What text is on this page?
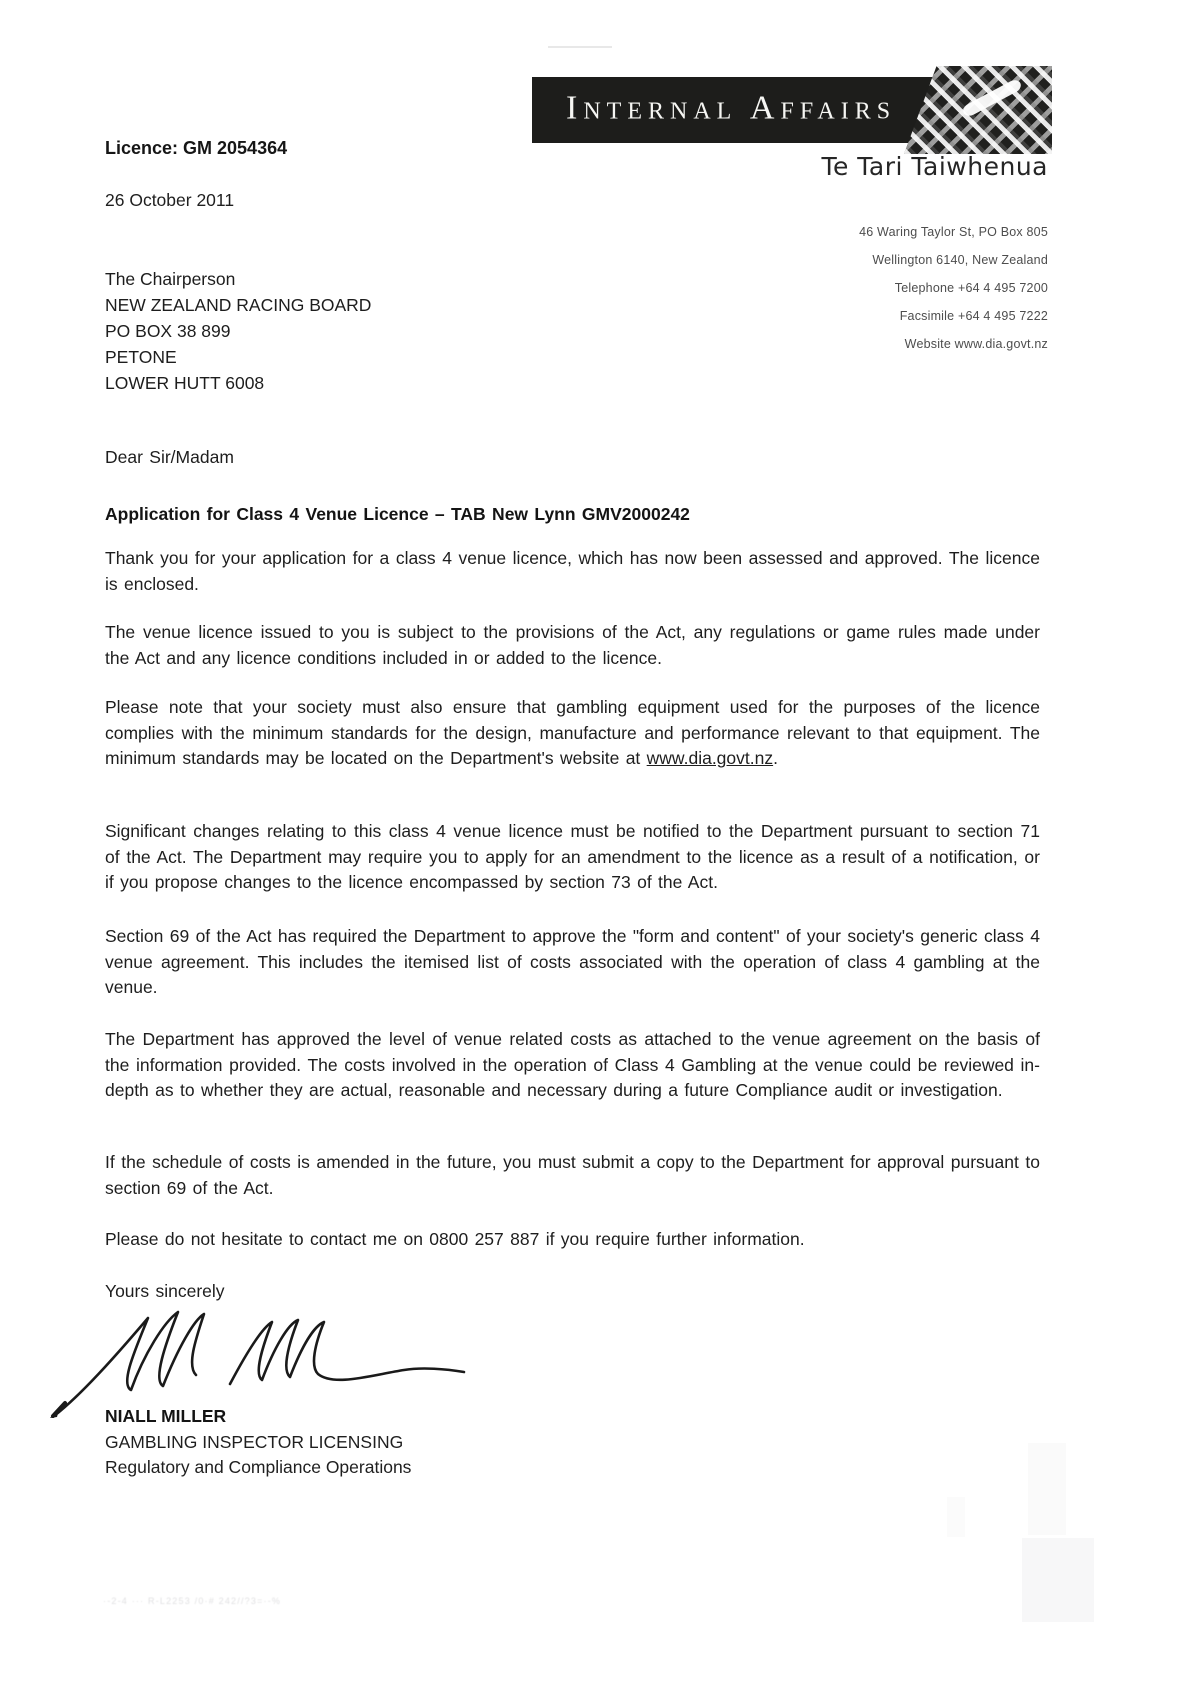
Licence: GM 2054364
26 October 2011
Internal Affairs
Te Tari Taiwhenua
46 Waring Taylor St, PO Box 805
Wellington 6140, New Zealand
Telephone +64 4 495 7200
Facsimile +64 4 495 7222
Website www.dia.govt.nz
The Chairperson
NEW ZEALAND RACING BOARD
PO BOX 38 899
PETONE
LOWER HUTT 6008

Dear Sir/Madam

Application for Class 4 Venue Licence – TAB New Lynn GMV2000242

Thank you for your application for a class 4 venue licence, which has now been assessed and approved. The licence is enclosed.

The venue licence issued to you is subject to the provisions of the Act, any regulations or game rules made under the Act and any licence conditions included in or added to the licence.

Please note that your society must also ensure that gambling equipment used for the purposes of the licence complies with the minimum standards for the design, manufacture and performance relevant to that equipment. The minimum standards may be located on the Department's website at www.dia.govt.nz.

Significant changes relating to this class 4 venue licence must be notified to the Department pursuant to section 71 of the Act. The Department may require you to apply for an amendment to the licence as a result of a notification, or if you propose changes to the licence encompassed by section 73 of the Act.

Section 69 of the Act has required the Department to approve the "form and content" of your society's generic class 4 venue agreement. This includes the itemised list of costs associated with the operation of class 4 gambling at the venue.

The Department has approved the level of venue related costs as attached to the venue agreement on the basis of the information provided. The costs involved in the operation of Class 4 Gambling at the venue could be reviewed in-depth as to whether they are actual, reasonable and necessary during a future Compliance audit or investigation.

If the schedule of costs is amended in the future, you must submit a copy to the Department for approval pursuant to section 69 of the Act.

Please do not hesitate to contact me on 0800 257 887 if you require further information.

Yours sincerely

NIALL MILLER
GAMBLING INSPECTOR LICENSING
Regulatory and Compliance Operations
·-2-4 ··· R-L2253 /0·# 242//?3=·-%
